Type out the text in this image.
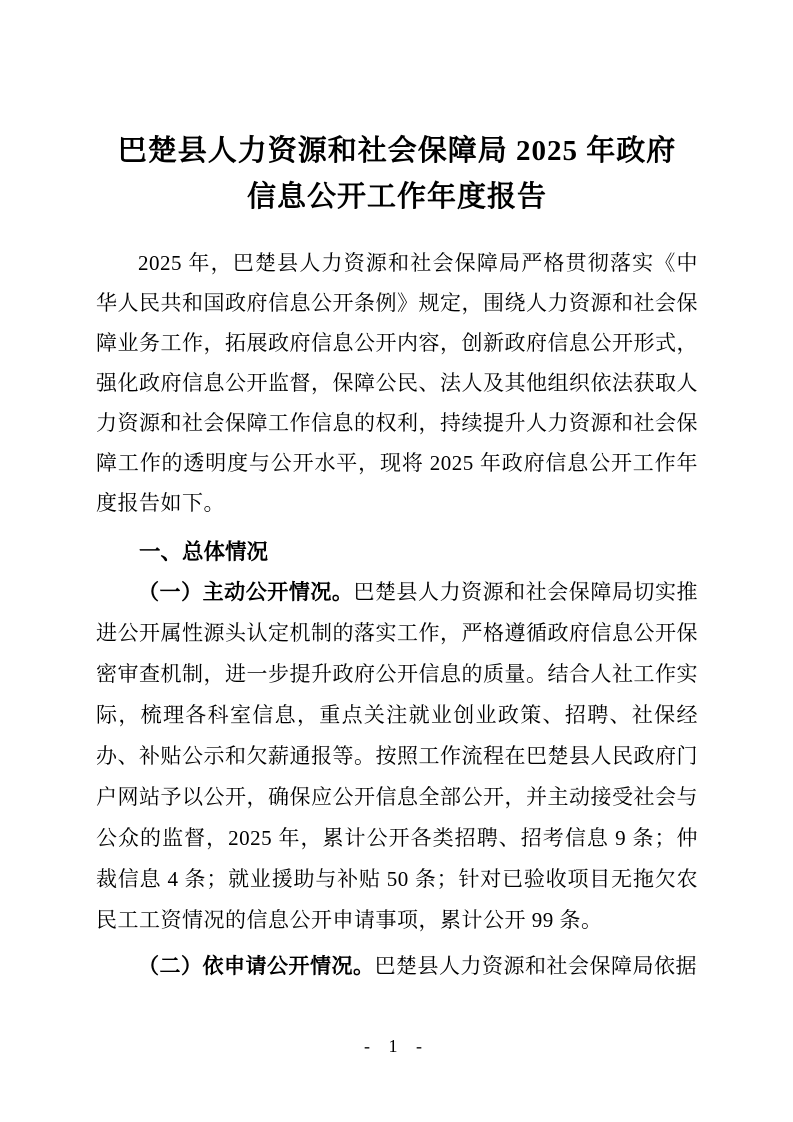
巴楚县人力资源和社会保障局 2025 年政府
信息公开工作年度报告

2025 年，巴楚县人力资源和社会保障局严格贯彻落实《中华人民共和国政府信息公开条例》规定，围绕人力资源和社会保障业务工作，拓展政府信息公开内容，创新政府信息公开形式，强化政府信息公开监督，保障公民、法人及其他组织依法获取人力资源和社会保障工作信息的权利，持续提升人力资源和社会保障工作的透明度与公开水平，现将 2025 年政府信息公开工作年度报告如下。

一、总体情况

（一）主动公开情况。巴楚县人力资源和社会保障局切实推进公开属性源头认定机制的落实工作，严格遵循政府信息公开保密审查机制，进一步提升政府公开信息的质量。结合人社工作实际，梳理各科室信息，重点关注就业创业政策、招聘、社保经办、补贴公示和欠薪通报等。按照工作流程在巴楚县人民政府门户网站予以公开，确保应公开信息全部公开，并主动接受社会与公众的监督，2025 年，累计公开各类招聘、招考信息 9 条；仲裁信息 4 条；就业援助与补贴 50 条；针对已验收项目无拖欠农民工工资情况的信息公开申请事项，累计公开 99 条。

（二）依申请公开情况。巴楚县人力资源和社会保障局依据

- 1 -
